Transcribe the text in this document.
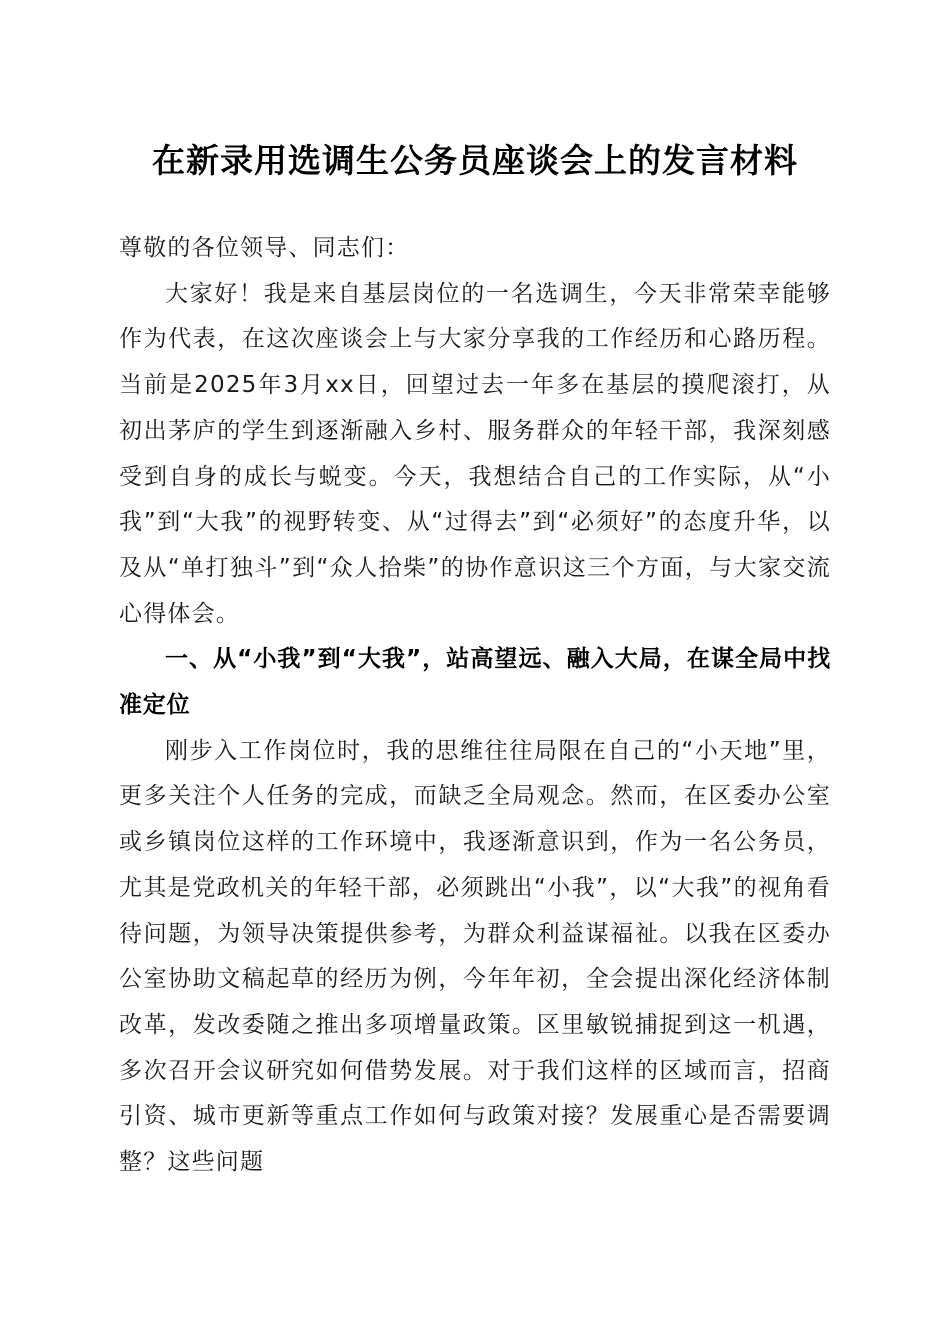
在新录用选调生公务员座谈会上的发言材料

尊敬的各位领导、同志们：

大家好！我是来自基层岗位的一名选调生，今天非常荣幸能够作为代表，在这次座谈会上与大家分享我的工作经历和心路历程。当前是2025年3月xx日，回望过去一年多在基层的摸爬滚打，从初出茅庐的学生到逐渐融入乡村、服务群众的年轻干部，我深刻感受到自身的成长与蜕变。今天，我想结合自己的工作实际，从“小我”到“大我”的视野转变、从“过得去”到“必须好”的态度升华，以及从“单打独斗”到“众人拾柴”的协作意识这三个方面，与大家交流心得体会。

一、从“小我”到“大我”，站高望远、融入大局，在谋全局中找准定位

刚步入工作岗位时，我的思维往往局限在自己的“小天地”里，更多关注个人任务的完成，而缺乏全局观念。然而，在区委办公室或乡镇岗位这样的工作环境中，我逐渐意识到，作为一名公务员，尤其是党政机关的年轻干部，必须跳出“小我”，以“大我”的视角看待问题，为领导决策提供参考，为群众利益谋福祉。以我在区委办公室协助文稿起草的经历为例，今年年初，全会提出深化经济体制改革，发改委随之推出多项增量政策。区里敏锐捕捉到这一机遇，多次召开会议研究如何借势发展。对于我们这样的区域而言，招商引资、城市更新等重点工作如何与政策对接？发展重心是否需要调整？这些问题
